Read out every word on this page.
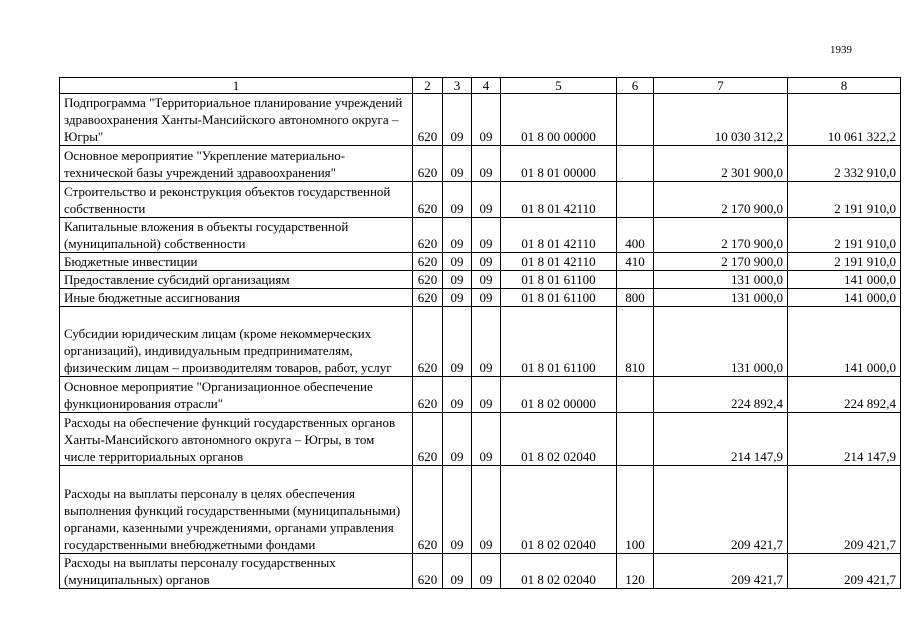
1939
1	2	3	4	5	6	7	8
Подпрограмма "Территориальное планирование учреждений здравоохранения Ханты-Мансийского автономного округа – Югры"	620	09	09	01 8 00 00000		10 030 312,2	10 061 322,2
Основное мероприятие "Укрепление материально-технической базы учреждений здравоохранения"	620	09	09	01 8 01 00000		2 301 900,0	2 332 910,0
Строительство и реконструкция объектов государственной собственности	620	09	09	01 8 01 42110		2 170 900,0	2 191 910,0
Капитальные вложения в объекты государственной (муниципальной) собственности	620	09	09	01 8 01 42110	400	2 170 900,0	2 191 910,0
Бюджетные инвестиции	620	09	09	01 8 01 42110	410	2 170 900,0	2 191 910,0
Предоставление субсидий организациям	620	09	09	01 8 01 61100		131 000,0	141 000,0
Иные бюджетные ассигнования	620	09	09	01 8 01 61100	800	131 000,0	141 000,0
Субсидии юридическим лицам (кроме некоммерческих организаций), индивидуальным предпринимателям, физическим лицам – производителям товаров, работ, услуг	620	09	09	01 8 01 61100	810	131 000,0	141 000,0
Основное мероприятие "Организационное обеспечение функционирования отрасли"	620	09	09	01 8 02 00000		224 892,4	224 892,4
Расходы на обеспечение функций государственных органов Ханты-Мансийского автономного округа – Югры, в том числе территориальных органов	620	09	09	01 8 02 02040		214 147,9	214 147,9
Расходы на выплаты персоналу в целях обеспечения выполнения функций государственными (муниципальными) органами, казенными учреждениями, органами управления государственными внебюджетными фондами	620	09	09	01 8 02 02040	100	209 421,7	209 421,7
Расходы на выплаты персоналу государственных (муниципальных) органов	620	09	09	01 8 02 02040	120	209 421,7	209 421,7
